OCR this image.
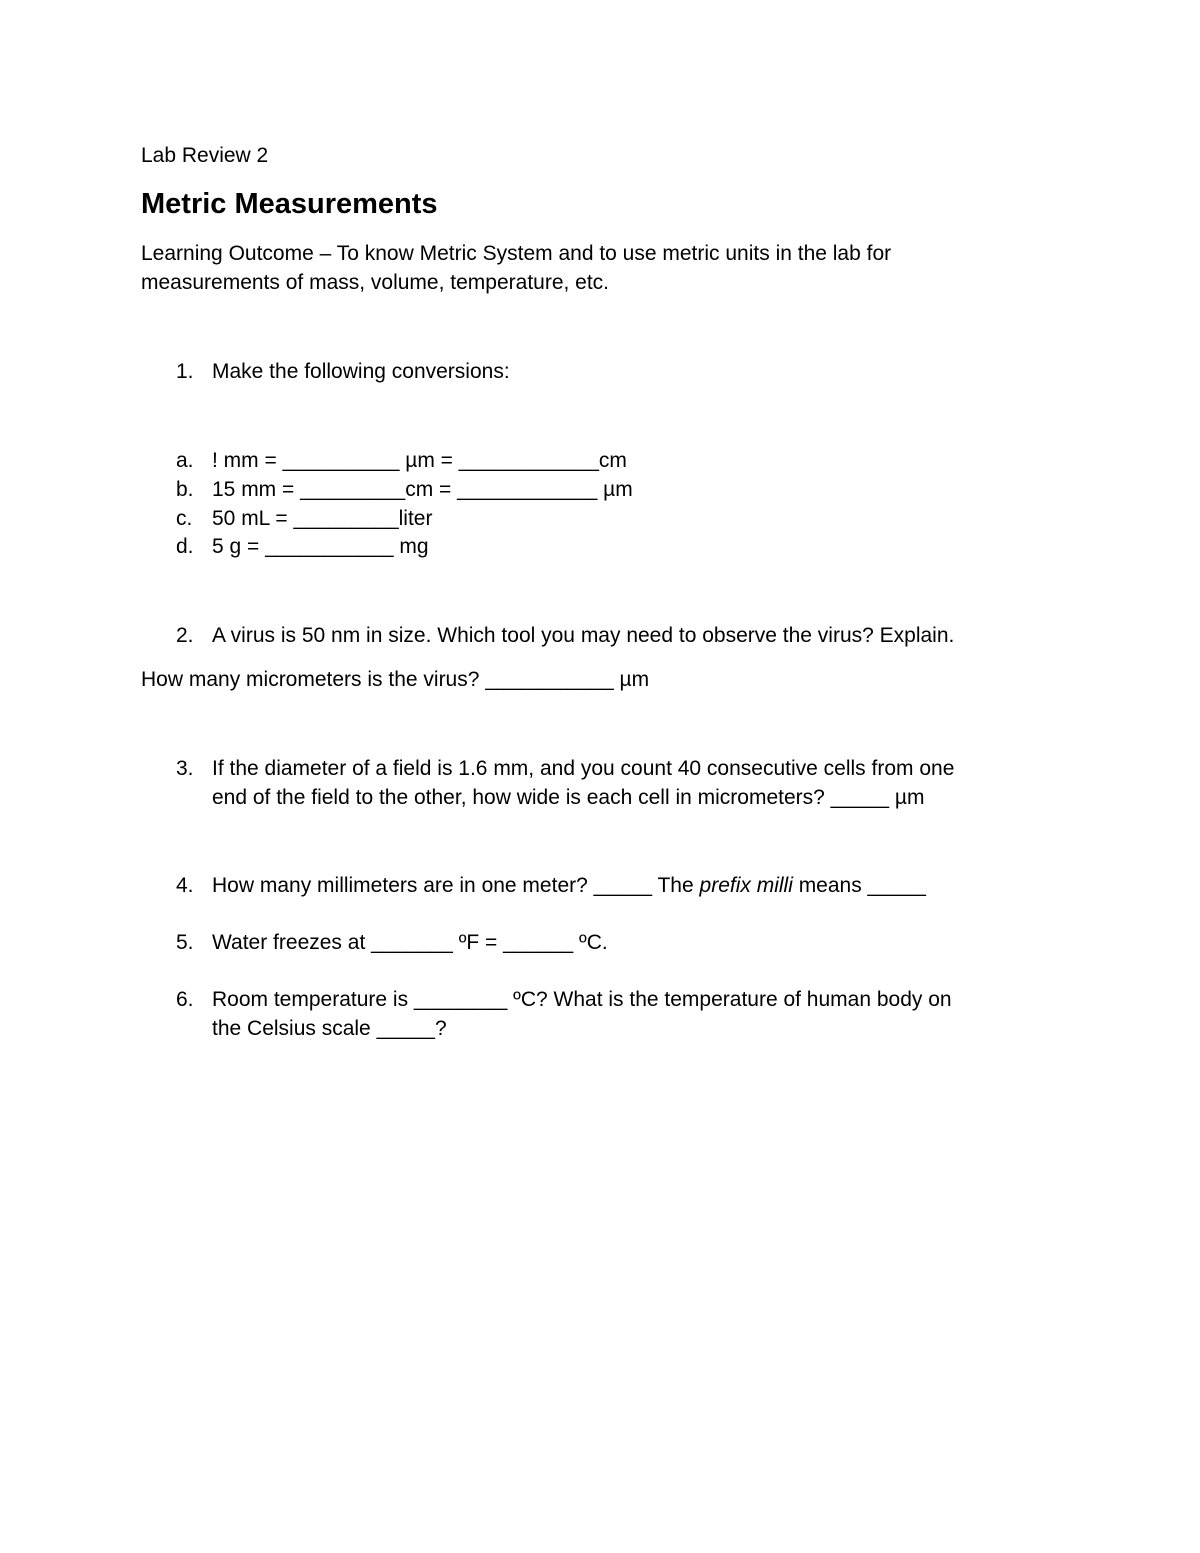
Lab Review 2
Metric Measurements
Learning Outcome – To know Metric System and to use metric units in the lab for
measurements of mass, volume, temperature, etc.
1. Make the following conversions:
a. ! mm = __________ µm = ____________cm
b. 15 mm = _________cm = ____________ µm
c. 50 mL = _________liter
d. 5 g = ___________ mg
2. A virus is 50 nm in size. Which tool you may need to observe the virus? Explain.
How many micrometers is the virus? ___________ µm
3. If the diameter of a field is 1.6 mm, and you count 40 consecutive cells from one
end of the field to the other, how wide is each cell in micrometers? _____ µm
4. How many millimeters are in one meter? _____ The prefix milli means _____
5. Water freezes at _______ ºF = ______ ºC.
6. Room temperature is ________ ºC? What is the temperature of human body on
the Celsius scale _____?
